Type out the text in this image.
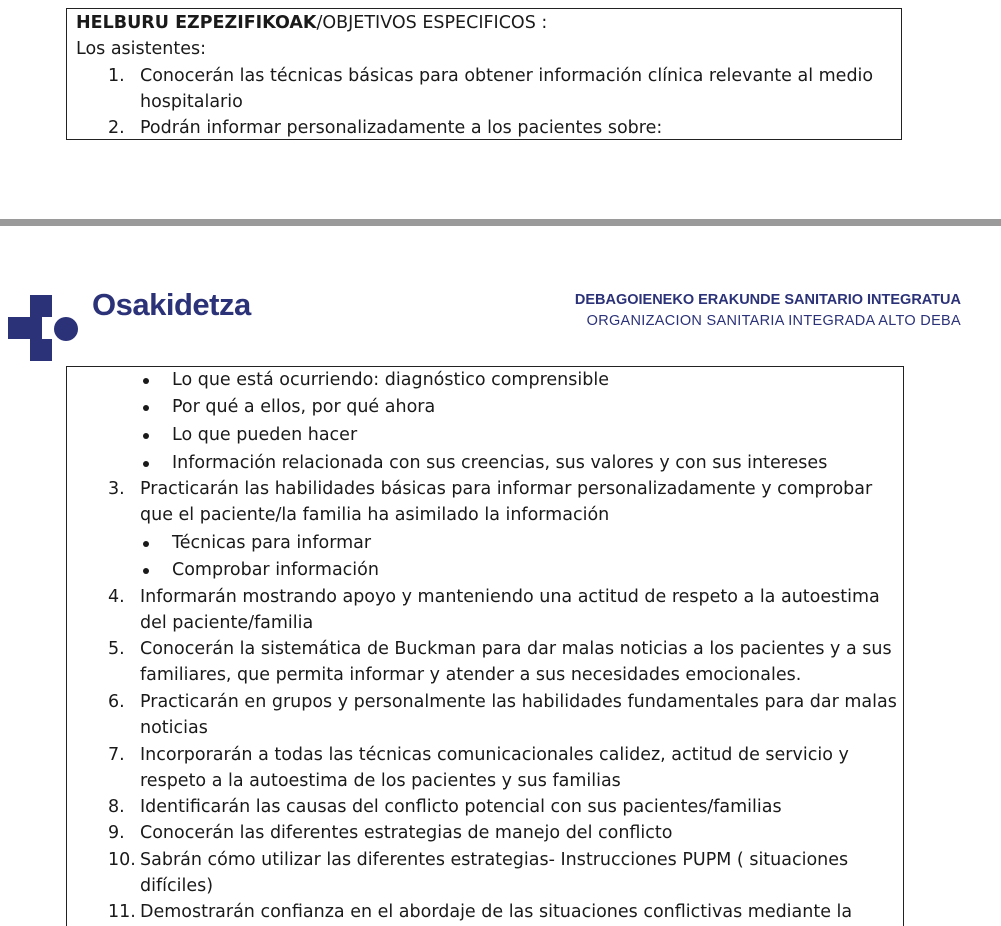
HELBURU EZPEZIFIKOAK/OBJETIVOS ESPECIFICOS :
Los asistentes:
1. Conocerán las técnicas básicas para obtener información clínica relevante al medio
hospitalario
2. Podrán informar personalizadamente a los pacientes sobre:
Osakidetza	DEBAGOIENEKO ERAKUNDE SANITARIO INTEGRATUA
ORGANIZACION SANITARIA INTEGRADA ALTO DEBA
Lo que está ocurriendo: diagnóstico comprensible
Por qué a ellos, por qué ahora
Lo que pueden hacer
Información relacionada con sus creencias, sus valores y con sus intereses
3. Practicarán las habilidades básicas para informar personalizadamente y comprobar
que el paciente/la familia ha asimilado la información
Técnicas para informar
Comprobar información
4. Informarán mostrando apoyo y manteniendo una actitud de respeto a la autoestima
del paciente/familia
5. Conocerán la sistemática de Buckman para dar malas noticias a los pacientes y a sus
familiares, que permita informar y atender a sus necesidades emocionales.
6. Practicarán en grupos y personalmente las habilidades fundamentales para dar malas
noticias
7. Incorporarán a todas las técnicas comunicacionales calidez, actitud de servicio y
respeto a la autoestima de los pacientes y sus familias
8. Identificarán las causas del conflicto potencial con sus pacientes/familias
9. Conocerán las diferentes estrategias de manejo del conflicto
10. Sabrán cómo utilizar las diferentes estrategias- Instrucciones PUPM ( situaciones
difíciles)
11. Demostrarán confianza en el abordaje de las situaciones conflictivas mediante la
